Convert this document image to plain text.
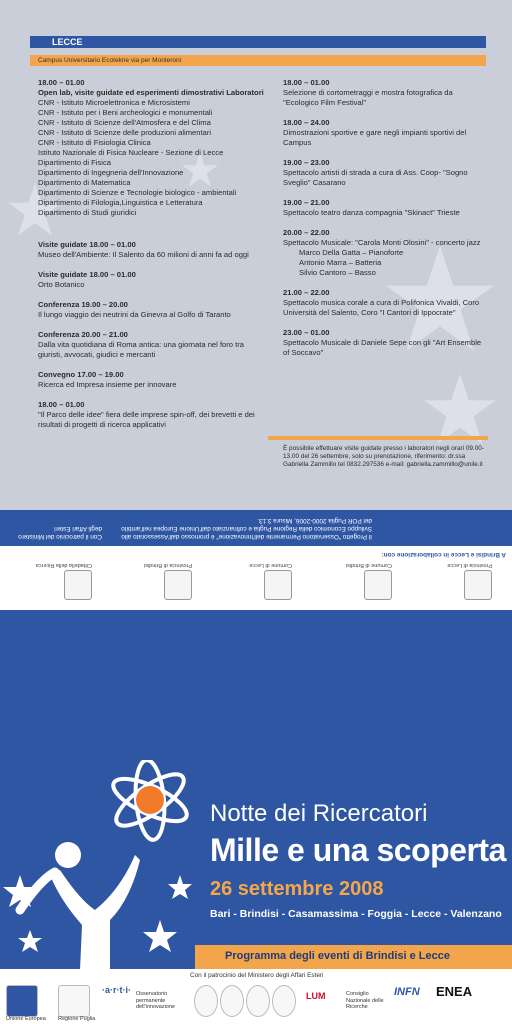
LECCE
Campus Universitario Ecotekne via per Monteroni
18.00 – 01.00
Open lab, visite guidate ed esperimenti dimostrativi Laboratori
CNR - Istituto Microelettronica e Microsistemi
CNR - Istituto per i Beni archeologici e monumentali
CNR - Istituto di Scienze dell'Atmosfera e del Clima
CNR - Istituto di Scienze delle produzioni alimentari
CNR - Istituto di Fisiologia Clinica
Istituto Nazionale di Fisica Nucleare - Sezione di Lecce
Dipartimento di Fisica
Dipartimento di Ingegneria dell'Innovazione
Dipartimento di Matematica
Dipartimento di Scienze e Tecnologie biologico - ambientali
Dipartimento di Filologia,Linguistica e Letteratura
Dipartimento di Studi giuridici
Visite guidate 18.00 – 01.00
Museo dell'Ambiente: Il Salento da 60 milioni di anni fa ad oggi
Visite guidate 18.00 – 01.00
Orto Botanico
Conferenza 19.00 – 20.00
Il lungo viaggio dei neutrini da Ginevra al Golfo di Taranto
Conferenza 20.00 – 21.00
Dalla vita quotidiana di Roma antica: una giornata nel foro tra giuristi, avvocati, giudici e mercanti
Convegno 17.00 – 19.00
Ricerca ed Impresa insieme per innovare
18.00 – 01.00
"Il Parco delle idee" fiera delle imprese spin-off, dei brevetti e dei risultati di progetti di ricerca applicativi
18.00 – 01.00
Selezione di cortometraggi e mostra fotografica da "Ecologico Film Festival"
18.00 – 24.00
Dimostrazioni sportive e gare negli impianti sportivi del Campus
19.00 – 23.00
Spettacolo artisti di strada a cura di Ass. Coop- "Sogno Sveglio" Casarano
19.00 – 21.00
Spettacolo teatro danza compagnia "Skinact" Trieste
20.00 – 22.00
Spettacolo Musicale: "Carola Monti Olosini" - concerto jazz
Marco Della Gatta – Pianoforte
Antonio Marra – Batteria
Silvio Cantoro – Basso
21.00 – 22.00
Spettacolo musica corale a cura di Polifonica Vivaldi, Coro Università del Salento, Coro "I Cantori di Ippocrate"
23.00 – 01.00
Spettacolo Musicale di Daniele Sepe con gli "Art Ensemble of Soccavo"
È possibile effettuare visite guidate presso i laboratori negli orari 09.00-13.00 del 26 settembre, solo su prenotazione, riferimento: dr.ssa Gabriella Zammillo tel 0832.297536 e-mail: gabriella.zammillo@unile.it
Il Progetto "Osservatorio Permanente dell'Innovazione" è promosso dall'Assessorato allo Sviluppo Economico della Regione Puglia e cofinanziato dall'Unione Europea nell'ambito del POR Puglia 2000-2006, Misura 3.13.
Con il patrocinio del Ministero degli Affari Esteri
A Brindisi e Lecce in collaborazione con:
Cittadella della Ricerca	Provincia di Brindisi	Comune di Lecce	Comune di Brindisi	Provincia di Lecce
Notte dei Ricercatori
Mille e una scoperta
26 settembre 2008
Bari - Brindisi - Casamassima - Foggia - Lecce - Valenzano
Programma degli eventi di Brindisi e Lecce
Con il patrocinio del Ministero degli Affari Esteri
Unione Europea Regione Puglia
·a·r·t·i· Osservatorio permanente dell'innovazione
LUM	Consiglio Nazionale delle Ricerche
INFN ENEA
